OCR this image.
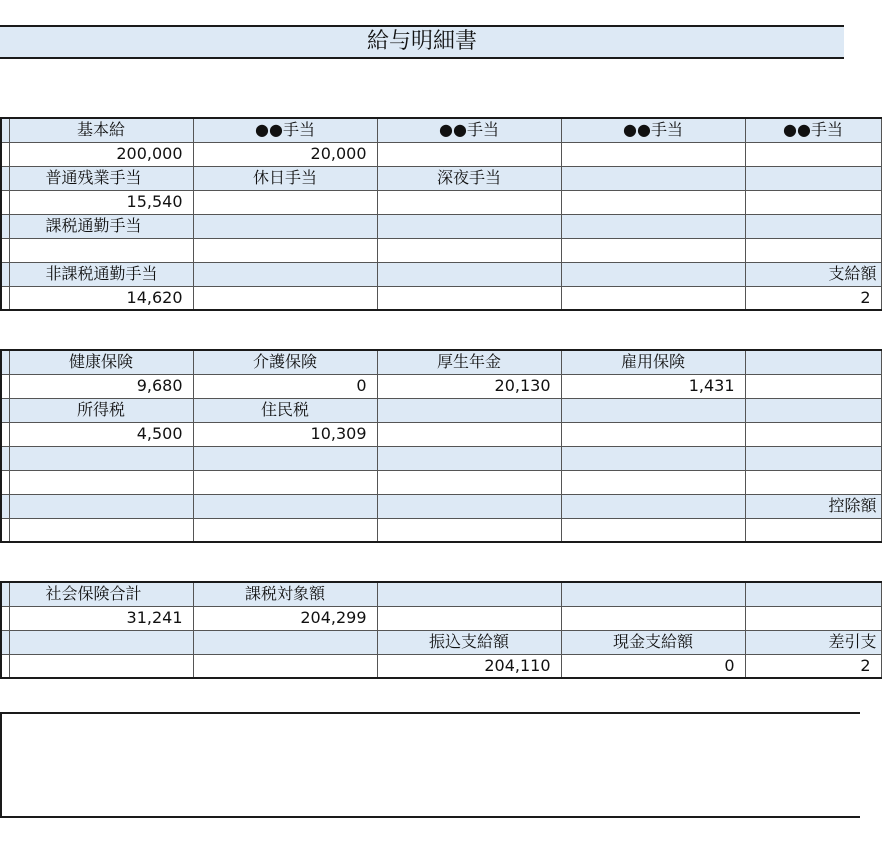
給与明細書
	基本給	●●手当	●●手当	●●手当	●●手当
	200,000	20,000			
	普通残業手当	休日手当	深夜手当		
	15,540				
	課税通勤手当				

	非課税通勤手当				支給額
	14,620				2
	健康保険	介護保険	厚生年金	雇用保険	
	9,680	0	20,130	1,431	
	所得税	住民税			
	4,500	10,309			

					控除額

	社会保険合計	課税対象額			
	31,241	204,299			
			振込支給額	現金支給額	差引支
			204,110	0	2
